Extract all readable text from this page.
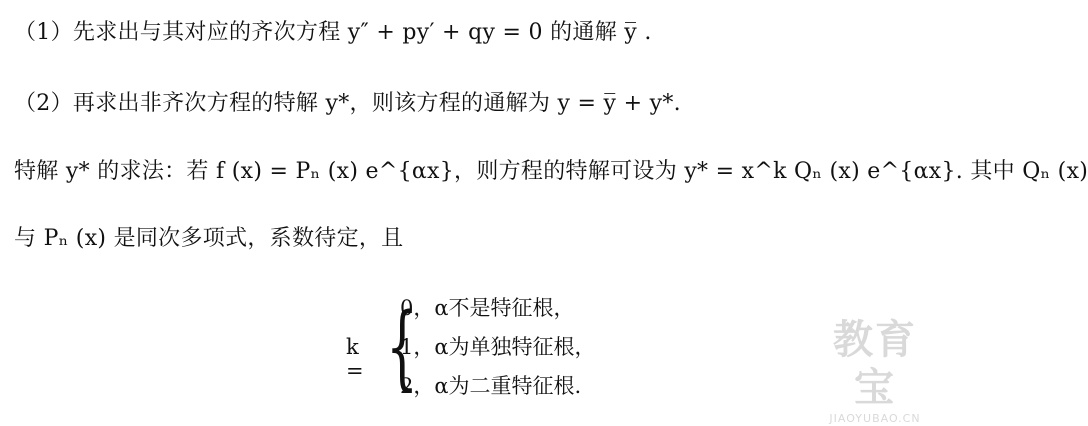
（1）先求出与其对应的齐次方程 y″ + py′ + qy = 0 的通解 y̅ .
（2）再求出非齐次方程的特解 y*，则该方程的通解为 y = y̅ + y*.
特解 y* 的求法：若 f (x) = Pₙ (x) e^{αx}，则方程的特解可设为 y* = x^k Qₙ (x) e^{αx}. 其中 Qₙ (x)
与 Pₙ (x) 是同次多项式，系数待定，且
k = {
0，α不是特征根，
1，α为单独特征根，
2，α为二重特征根.
教育宝
JIAOYUBAO.CN
